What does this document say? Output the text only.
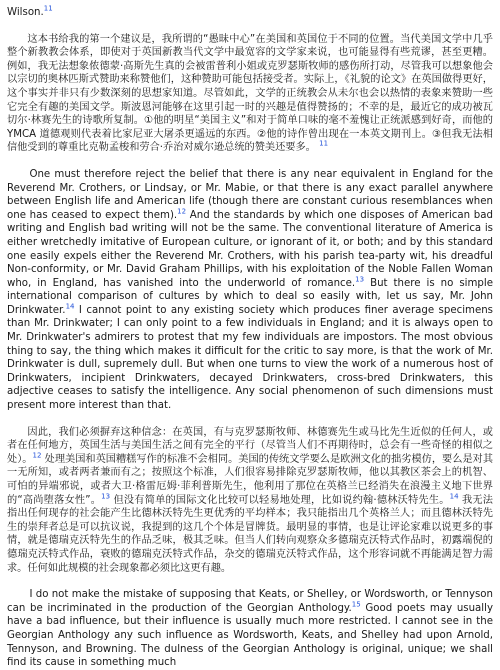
Wilson.$^{11}$

这本书给我的第一个建议是，我所谓的“愚昧中心”在美国和英国位于不同的位置。当代美国文学中几乎整个新教教会体系，即使对于英国新教当代文学中最宽容的文学家来说，也可能显得有些荒谬，甚至更糟。例如，我无法想象侬德蒙·高斯先生真的会被雷普利小姐或克罗瑟斯牧师的感伤所打动，尽管我可以想象他会以宗切的奥林匹斯式赞助来称赞他们，这种赞助可能包括接受者。实际上，《礼貌的论文》在英国做得更好，这个事实并非只有少数深刻的思想家知道。尽管如此，文学的正统教会从未尔也会以热情的表象来赞助一些它完全有趣的美国文学。斯波恩河能够在这里引起一时的兴趣是值得赞扬的；不幸的是，最近它的成功被瓦切尔·林赛先生的诗歌所复制。①他的明星“美国主义”和对于简单口味的毫不羞愧让正统派感到好奇，而他的 YMCA 道德观则代表着比家尼亚大屠杀更遥远的东西。②他的诗作曾出现在一本英文期刊上。③但我无法相信他受到的尊重比克勒孟梭和劳合·乔治对威尔逊总统的赞美还要多。 $^{11}$

One must therefore reject the belief that there is any near equivalent in England for the Reverend Mr. Crothers, or Lindsay, or Mr. Mabie, or that there is any exact parallel anywhere between English life and American life (though there are constant curious resemblances when one has ceased to expect them).$^{12}$ And the standards by which one disposes of American bad writing and English bad writing will not be the same. The conventional literature of America is either wretchedly imitative of European culture, or ignorant of it, or both; and by this standard one easily expels either the Reverend Mr. Crothers, with his parish tea-party wit, his dreadful Non-conformity, or Mr. David Graham Phillips, with his exploitation of the Noble Fallen Woman who, in England, has vanished into the underworld of romance.$^{13}$ But there is no simple international comparison of cultures by which to deal so easily with, let us say, Mr. John Drinkwater.$^{14}$ I cannot point to any existing society which produces finer average specimens than Mr. Drinkwater; I can only point to a few individuals in England; and it is always open to Mr. Drinkwater's admirers to protest that my few individuals are impostors. The most obvious thing to say, the thing which makes it difficult for the critic to say more, is that the work of Mr. Drinkwater is dull, supremely dull. But when one turns to view the work of a numerous host of Drinkwaters, incipient Drinkwaters, decayed Drinkwaters, cross-bred Drinkwaters, this adjective ceases to satisfy the intelligence. Any social phenomenon of such dimensions must present more interest than that.

因此，我们必须摒弃这种信念：在英国，有与克罗瑟斯牧师、林德赛先生或马比先生近似的任何人，或者在任何地方，英国生活与美国生活之间有完全的平行（尽管当人们不再期待时，总会有一些奇怪的相似之处）。$^{12}$ 处理美国和英国糟糕写作的标准不会相同。美国的传统文学要么是欧洲文化的拙劣模仿，要么是对其一无所知，或者两者兼而有之；按照这个标准，人们很容易排除克罗瑟斯牧师，他以其教区茶会上的机智、可怕的异端邪说，或者大卫·格雷厄姆·菲利普斯先生，他利用了那位在英格兰已经消失在浪漫主义地下世界的“高尚堕落女性”。$^{13}$ 但没有简单的国际文化比较可以轻易地处理，比如说约翰·德林沃特先生。$^{14}$ 我无法指出任何现存的社会能产生比德林沃特先生更优秀的平均样本；我只能指出几个英格兰人；而且德林沃特先生的崇拜者总是可以抗议说，我提到的这几个个体是冒牌货。最明显的事情，也是让评论家难以说更多的事情，就是德瑞克沃特先生的作品乏味，极其乏味。但当人们转向观察众多德瑞克沃特式作品时，初露端倪的德瑞克沃特式作品，衰败的德瑞克沃特式作品，杂交的德瑞克沃特式作品，这个形容词就不再能满足智力需求。任何如此规模的社会现象都必须比这更有趣。

I do not make the mistake of supposing that Keats, or Shelley, or Wordsworth, or Tennyson can be incriminated in the production of the Georgian Anthology.$^{15}$ Good poets may usually have a bad influence, but their influence is usually much more restricted. I cannot see in the Georgian Anthology any such influence as Wordsworth, Keats, and Shelley had upon Arnold, Tennyson, and Browning. The dulness of the Georgian Anthology is original, unique; we shall find its cause in something much
